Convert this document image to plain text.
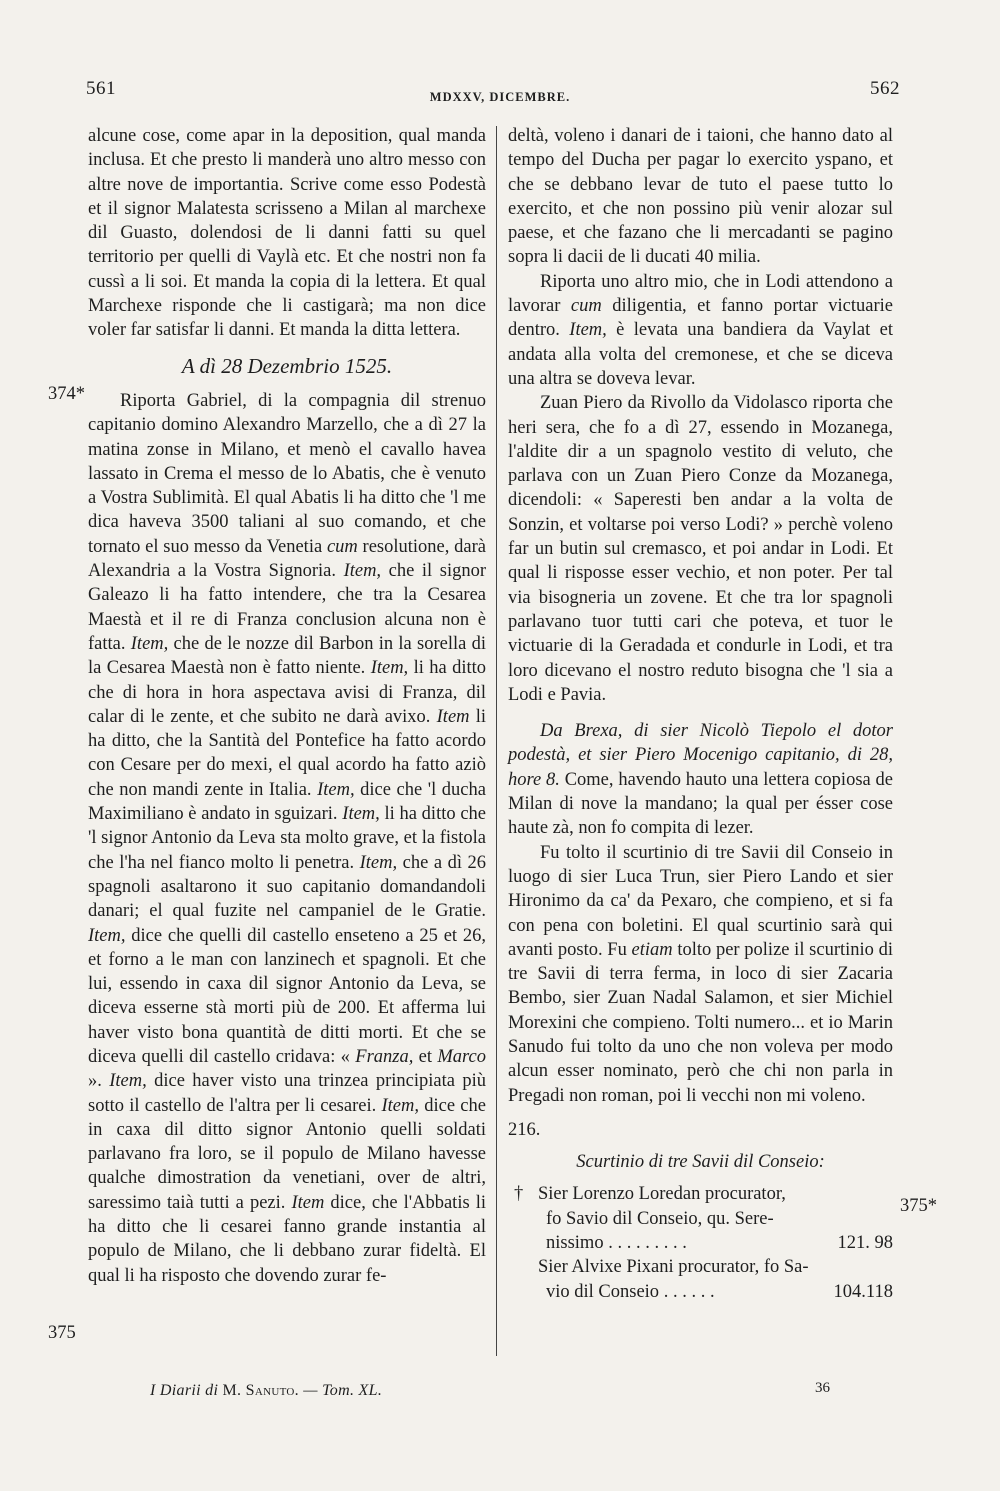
561	MDXXV, DICEMBRE.	562
374*
375
375*

alcune cose, come apar in la deposition, qual manda inclusa. Et che presto li manderà uno altro messo con altre nove de importantia. Scrive come esso Podestà et il signor Malatesta scrisseno a Milan al marchexe dil Guasto, dolendosi de li danni fatti su quel territorio per quelli di Vaylà etc. Et che nostri non fa cussì a li soi. Et manda la copia di la lettera. Et qual Marchexe risponde che li castigarà; ma non dice voler far satisfar li danni. Et manda la ditta lettera.

A dì 28 Dezembrio 1525.

Riporta Gabriel, di la compagnia dil strenuo capitanio domino Alexandro Marzello, che a dì 27 la matina zonse in Milano, et menò el cavallo havea lassato in Crema el messo de lo Abatis, che è venuto a Vostra Sublimità. El qual Abatis li ha ditto che 'l me dica haveva 3500 taliani al suo comando, et che tornato el suo messo da Venetia cum resolutione, darà Alexandria a la Vostra Signoria. Item, che il signor Galeazo li ha fatto intendere, che tra la Cesarea Maestà et il re di Franza conclusion alcuna non è fatta. Item, che de le nozze dil Barbon in la sorella di la Cesarea Maestà non è fatto niente. Item, li ha ditto che di hora in hora aspectava avisi di Franza, dil calar di le zente, et che subito ne darà avixo. Item li ha ditto, che la Santità del Pontefice ha fatto acordo con Cesare per do mexi, el qual acordo ha fatto aziò che non mandi zente in Italia. Item, dice che 'l ducha Maximiliano è andato in sguizari. Item, li ha ditto che 'l signor Antonio da Leva sta molto grave, et la fistola che l'ha nel fianco molto li penetra. Item, che a dì 26 spagnoli asaltarono it suo capitanio domandandoli danari; el qual fuzite nel campaniel de le Gratie. Item, dice che quelli dil castello enseteno a 25 et 26, et forno a le man con lanzinech et spagnoli. Et che lui, essendo in caxa dil signor Antonio da Leva, se diceva esserne stà morti più de 200. Et afferma lui haver visto bona quantità de ditti morti. Et che se diceva quelli dil castello cridava: « Franza, et Marco ». Item, dice haver visto una trinzea principiata più sotto il castello de l'altra per li cesarei. Item, dice che in caxa dil ditto signor Antonio quelli soldati parlavano fra loro, se il populo de Milano havesse qualche dimostration da venetiani, over de altri, saressimo taià tutti a pezi. Item dice, che l'Abbatis li ha ditto che li cesarei fanno grande instantia al populo de Milano, che li debbano zurar fideltà. El qual li ha risposto che dovendo zurar fe-

deltà, voleno i danari de i taioni, che hanno dato al tempo del Ducha per pagar lo exercito yspano, et che se debbano levar de tuto el paese tutto lo exercito, et che non possino più venir alozar sul paese, et che fazano che li mercadanti se pagino sopra li dacii de li ducati 40 milia.

Riporta uno altro mio, che in Lodi attendono a lavorar cum diligentia, et fanno portar victuarie dentro. Item, è levata una bandiera da Vaylat et andata alla volta del cremonese, et che se diceva una altra se doveva levar.

Zuan Piero da Rivollo da Vidolasco riporta che heri sera, che fo a dì 27, essendo in Mozanega, l'aldite dir a un spagnolo vestito di veluto, che parlava con un Zuan Piero Conze da Mozanega, dicendoli: « Saperesti ben andar a la volta de Sonzin, et voltarse poi verso Lodi? » perchè voleno far un butin sul cremasco, et poi andar in Lodi. Et qual li risposse esser vechio, et non poter. Per tal via bisogneria un zovene. Et che tra lor spagnoli parlavano tuor tutti cari che poteva, et tuor le victuarie di la Geradada et condurle in Lodi, et tra loro dicevano el nostro reduto bisogna che 'l sia a Lodi e Pavia.

Da Brexa, di sier Nicolò Tiepolo el dotor podestà, et sier Piero Mocenigo capitanio, di 28, hore 8. Come, havendo hauto una lettera copiosa de Milan di nove la mandano; la qual per ésser cose haute zà, non fo compita di lezer.

Fu tolto il scurtinio di tre Savii dil Conseio in luogo di sier Luca Trun, sier Piero Lando et sier Hironimo da ca' da Pexaro, che compieno, et si fa con pena con boletini. El qual scurtinio sarà qui avanti posto. Fu etiam tolto per polize il scurtinio di tre Savii di terra ferma, in loco di sier Zacaria Bembo, sier Zuan Nadal Salamon, et sier Michiel Morexini che compieno. Tolti numero... et io Marin Sanudo fui tolto da uno che non voleva per modo alcun esser nominato, però che chi non parla in Pregadi non roman, poi li vecchi non mi voleno.

216.

Scurtinio di tre Savii dil Conseio:

† Sier Lorenzo Loredan procurator,
fo Savio dil Conseio, qu. Sere-
nissimo . . . . . . . . .	121. 98
Sier Alvixe Pixani procurator, fo Sa-
vio dil Conseio . . . . . .	104.118
I Diarii di M. Sanuto. — Tom. XL.	36
